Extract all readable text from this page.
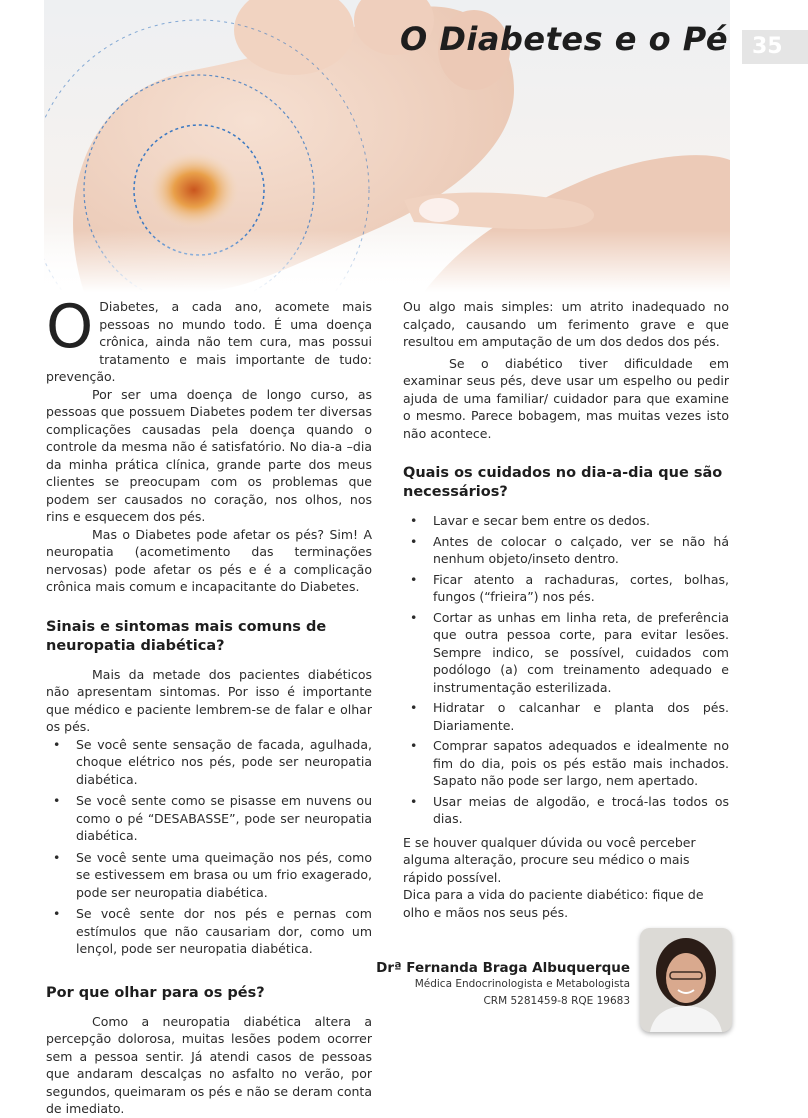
O Diabetes e o Pé	35

O Diabetes, a cada ano, acomete mais pessoas no mundo todo. É uma doença crônica, ainda não tem cura, mas possui tratamento e mais importante de tudo: prevenção.

Por ser uma doença de longo curso, as pessoas que possuem Diabetes podem ter diversas complicações causadas pela doença quando o controle da mesma não é satisfatório. No dia-a –dia da minha prática clínica, grande parte dos meus clientes se preocupam com os problemas que podem ser causados no coração, nos olhos, nos rins e esquecem dos pés.

Mas o Diabetes pode afetar os pés? Sim! A neuropatia (acometimento das terminações nervosas) pode afetar os pés e é a complicação crônica mais comum e incapacitante do Diabetes.

Sinais e sintomas mais comuns de neuropatia diabética?

Mais da metade dos pacientes diabéticos não apresentam sintomas. Por isso é importante que médico e paciente lembrem-se de falar e olhar os pés.

• Se você sente sensação de facada, agulhada, choque elétrico nos pés, pode ser neuropatia diabética.
• Se você sente como se pisasse em nuvens ou como o pé “DESABASSE”, pode ser neuropatia diabética.
• Se você sente uma queimação nos pés, como se estivessem em brasa ou um frio exagerado, pode ser neuropatia diabética.
• Se você sente dor nos pés e pernas com estímulos que não causariam dor, como um lençol, pode ser neuropatia diabética.
Por que olhar para os pés?

Como a neuropatia diabética altera a percepção dolorosa, muitas lesões podem ocorrer sem a pessoa sentir. Já atendi casos de pessoas que andaram descalças no asfalto no verão, por segundos, queimaram os pés e não se deram conta de imediato.

Ou algo mais simples: um atrito inadequado no calçado, causando um ferimento grave e que resultou em amputação de um dos dedos dos pés.

Se o diabético tiver dificuldade em examinar seus pés, deve usar um espelho ou pedir ajuda de uma familiar/ cuidador para que examine o mesmo. Parece bobagem, mas muitas vezes isto não acontece.

Quais os cuidados no dia-a-dia que são necessários?
• Lavar e secar bem entre os dedos.
• Antes de colocar o calçado, ver se não há nenhum objeto/inseto dentro.
• Ficar atento a rachaduras, cortes, bolhas, fungos (“frieira”) nos pés.
• Cortar as unhas em linha reta, de preferência que outra pessoa corte, para evitar lesões. Sempre indico, se possível, cuidados com podólogo (a) com treinamento adequado e instrumentação esterilizada.
• Hidratar o calcanhar e planta dos pés. Diariamente.
• Comprar sapatos adequados e idealmente no fim do dia, pois os pés estão mais inchados. Sapato não pode ser largo, nem apertado.
• Usar meias de algodão, e trocá-las todos os dias.

E se houver qualquer dúvida ou você perceber alguma alteração, procure seu médico o mais rápido possível.

Dica para a vida do paciente diabético: fique de olho e mãos nos seus pés.

Drª Fernanda Braga Albuquerque
Médica Endocrinologista e Metabologista
CRM 5281459-8 RQE 19683
